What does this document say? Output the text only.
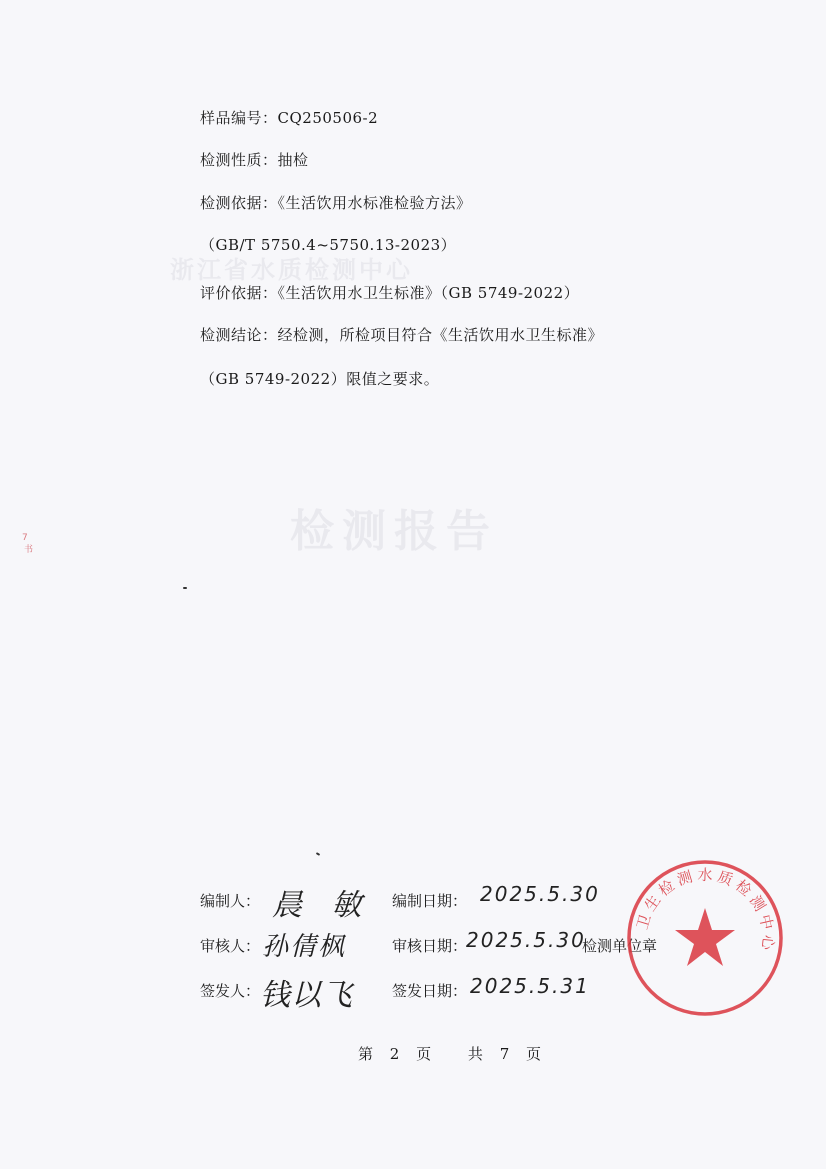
浙江省水质检测中心
检测报告
7
书
样品编号：CQ250506-2
检测性质：抽检
检测依据：《生活饮用水标准检验方法》
（GB/T 5750.4~5750.13-2023）
评价依据：《生活饮用水卫生标准》（GB 5749-2022）
检测结论：经检测，所检项目符合《生活饮用水卫生标准》
（GB 5749-2022）限值之要求。
编制人： 晨 敏 编制日期： 2025.5.30
审核人： 孙倩枫	审核日期：
2025.5.30
检测单位章
签发人： 钱以飞	签发日期： 2025.5.31
卫生检测水质检测中心
第 2 页 共 7 页
